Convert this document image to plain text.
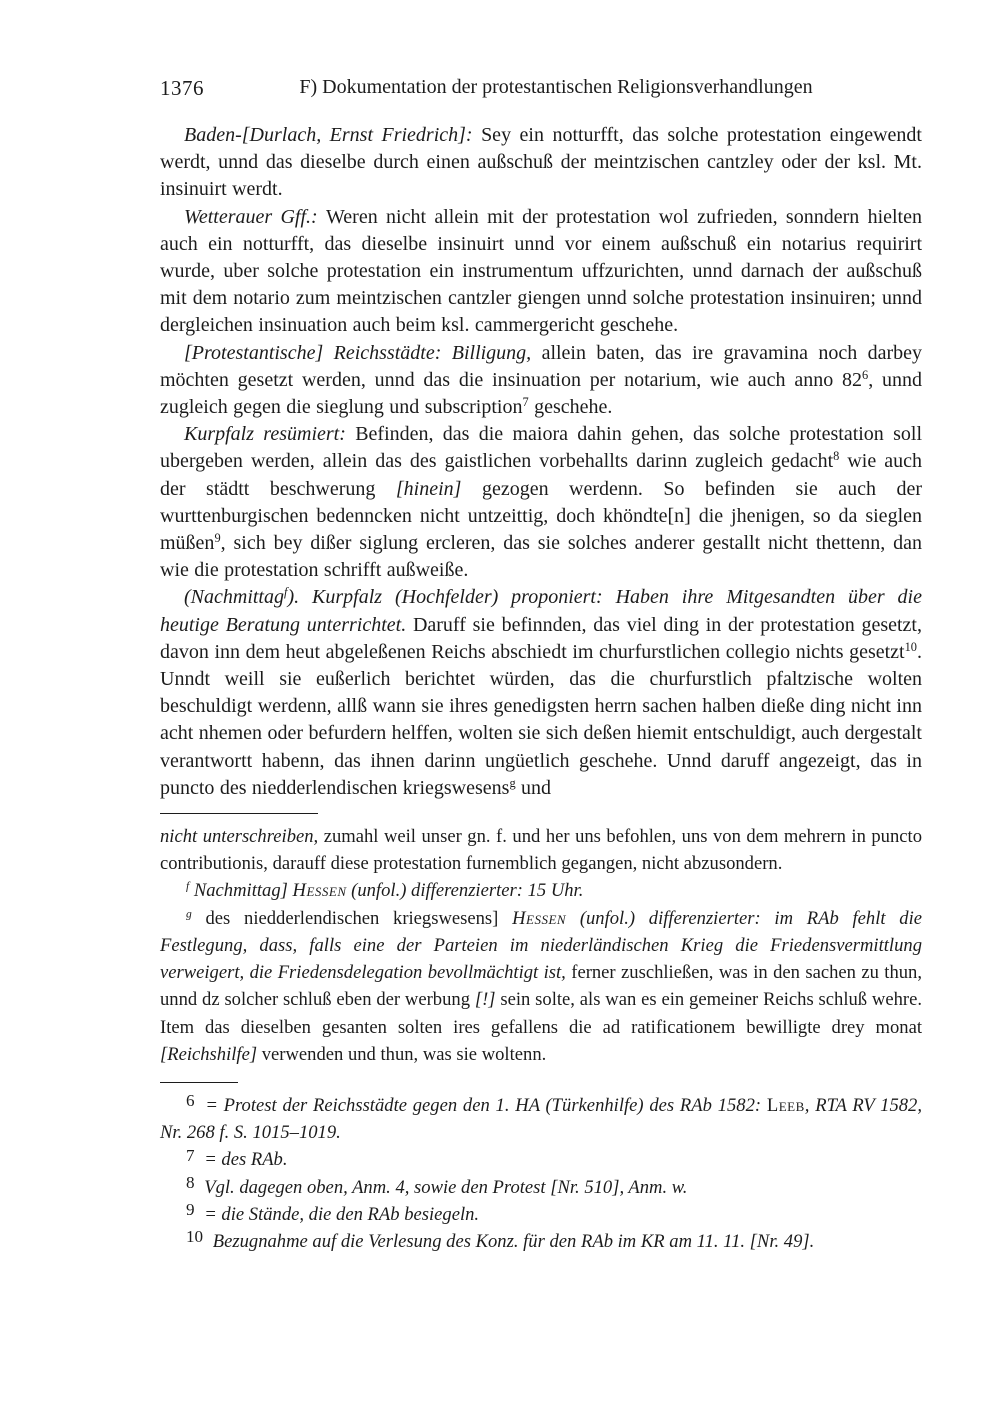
1376	F) Dokumentation der protestantischen Religionsverhandlungen

Baden-[Durlach, Ernst Friedrich]: Sey ein notturfft, das solche protestation eingewendt werdt, unnd das dieselbe durch einen außschuß der meintzischen cantzley oder der ksl. Mt. insinuirt werdt.

Wetterauer Gff.: Weren nicht allein mit der protestation wol zufrieden, sonndern hielten auch ein notturfft, das dieselbe insinuirt unnd vor einem außschuß ein notarius requirirt wurde, uber solche protestation ein instrumentum uffzurichten, unnd darnach der außschuß mit dem notario zum meintzischen cantzler giengen unnd solche protestation insinuiren; unnd dergleichen insinuation auch beim ksl. cammergericht geschehe.

[Protestantische] Reichsstädte: Billigung, allein baten, das ire gravamina noch darbey möchten gesetzt werden, unnd das die insinuation per notarium, wie auch anno $82^6$, unnd zugleich gegen die sieglung und subscription$^7$ geschehe.

Kurpfalz resümiert: Befinden, das die maiora dahin gehen, das solche protestation soll ubergeben werden, allein das des gaistlichen vorbehallts darinn zugleich gedacht$^8$ wie auch der städtt beschwerung [hinein] gezogen werdenn. So befinden sie auch der wurttenburgischen bedenncken nicht untzeittig, doch khöndte[n] die jhenigen, so da sieglen müßen$^9$, sich bey dißer siglung ercleren, das sie solches anderer gestallt nicht thettenn, dan wie die protestation schrifft außweiße.

(Nachmittag$^f$). Kurpfalz (Hochfelder) proponiert: Haben ihre Mitgesandten über die heutige Beratung unterrichtet. Daruff sie befinnden, das viel ding in der protestation gesetzt, davon inn dem heut abgeleßenen Reichs abschiedt im churfurstlichen collegio nichts gesetzt$^{10}$. Unndt weill sie eußerlich berichtet würden, das die churfurstlich pfaltzische wolten beschuldigt werdenn, allß wann sie ihres genedigsten herrn sachen halben dieße ding nicht inn acht nhemen oder befurdern helffen, wolten sie sich deßen hiemit entschuldigt, auch dergestalt verantwortt habenn, das ihnen darinn ungüetlich geschehe. Unnd daruff angezeigt, das in puncto des niedderlendischen kriegswesens$^g$ und

nicht unterschreiben, zumahl weil unser gn. f. und her uns befohlen, uns von dem mehrern in puncto contributionis, darauff diese protestation furnemblich gegangen, nicht abzusondern.

$^f$ Nachmittag] Hessen (unfol.) differenzierter: 15 Uhr.

$^g$ des niedderlendischen kriegswesens] Hessen (unfol.) differenzierter: im RAb fehlt die Festlegung, dass, falls eine der Parteien im niederländischen Krieg die Friedensvermittlung verweigert, die Friedensdelegation bevollmächtigt ist, ferner zuschließen, was in den sachen zu thun, unnd dz solcher schluß eben der werbung [!] sein solte, als wan es ein gemeiner Reichs schluß wehre. Item das dieselben gesanten solten ires gefallens die ad ratificationem bewilligte drey monat [Reichshilfe] verwenden und thun, was sie woltenn.

6 = Protest der Reichsstädte gegen den 1. HA (Türkenhilfe) des RAb 1582: Leeb, RTA RV 1582, Nr. 268 f. S. 1015–1019.

7 = des RAb.

8 Vgl. dagegen oben, Anm. 4, sowie den Protest [Nr. 510], Anm. w.

9 = die Stände, die den RAb besiegeln.

10 Bezugnahme auf die Verlesung des Konz. für den RAb im KR am 11. 11. [Nr. 49].
